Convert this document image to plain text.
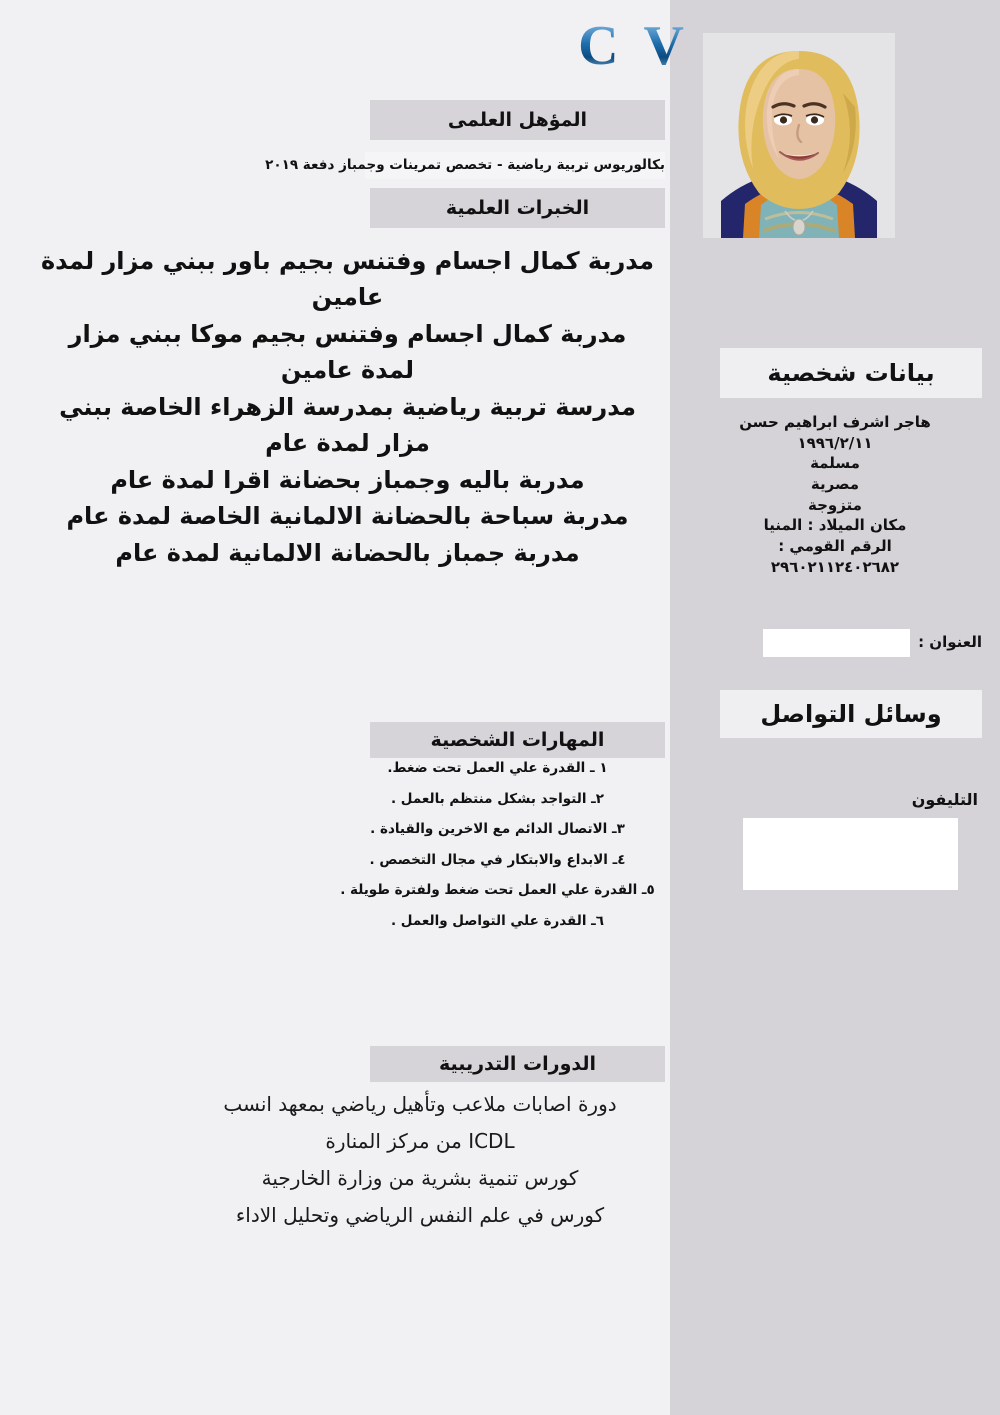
بيانات شخصية
هاجر اشرف ابراهيم حسن
١٩٩٦/٢/١١
مسلمة
مصرية
متزوجة
مكان الميلاد : المنيا
الرقم القومي :
٢٩٦٠٢١١٢٤٠٢٦٨٢
العنوان :
وسائل التواصل
التليفون
C V
المؤهل العلمى
بكالوريوس تربية رياضية - تخصص تمرينات وجمباز دفعة ٢٠١٩
الخبرات العلمية
مدربة كمال اجسام وفتنس بجيم باور ببني مزار لمدة عامين
مدربة كمال اجسام وفتنس بجيم موكا ببني مزار لمدة عامين
مدرسة تربية رياضية بمدرسة الزهراء الخاصة ببني مزار لمدة عام
مدربة باليه وجمباز بحضانة اقرا لمدة عام
مدربة سباحة بالحضانة الالمانية الخاصة لمدة عام
مدربة جمباز بالحضانة الالمانية لمدة عام
المهارات الشخصية
١ ـ القدرة علي العمل تحت ضغط.
٢ـ التواجد بشكل منتظم بالعمل .
٣ـ الاتصال الدائم مع الاخرين والقيادة .
٤ـ الابداع والابتكار في مجال التخصص .
٥ـ القدرة علي العمل تحت ضغط ولفترة طويلة .
٦ـ القدرة علي التواصل والعمل .
الدورات التدريبية
دورة اصابات ملاعب وتأهيل رياضي بمعهد انسب
ICDL من مركز المنارة
كورس تنمية بشرية من وزارة الخارجية
كورس في علم النفس الرياضي وتحليل الاداء
